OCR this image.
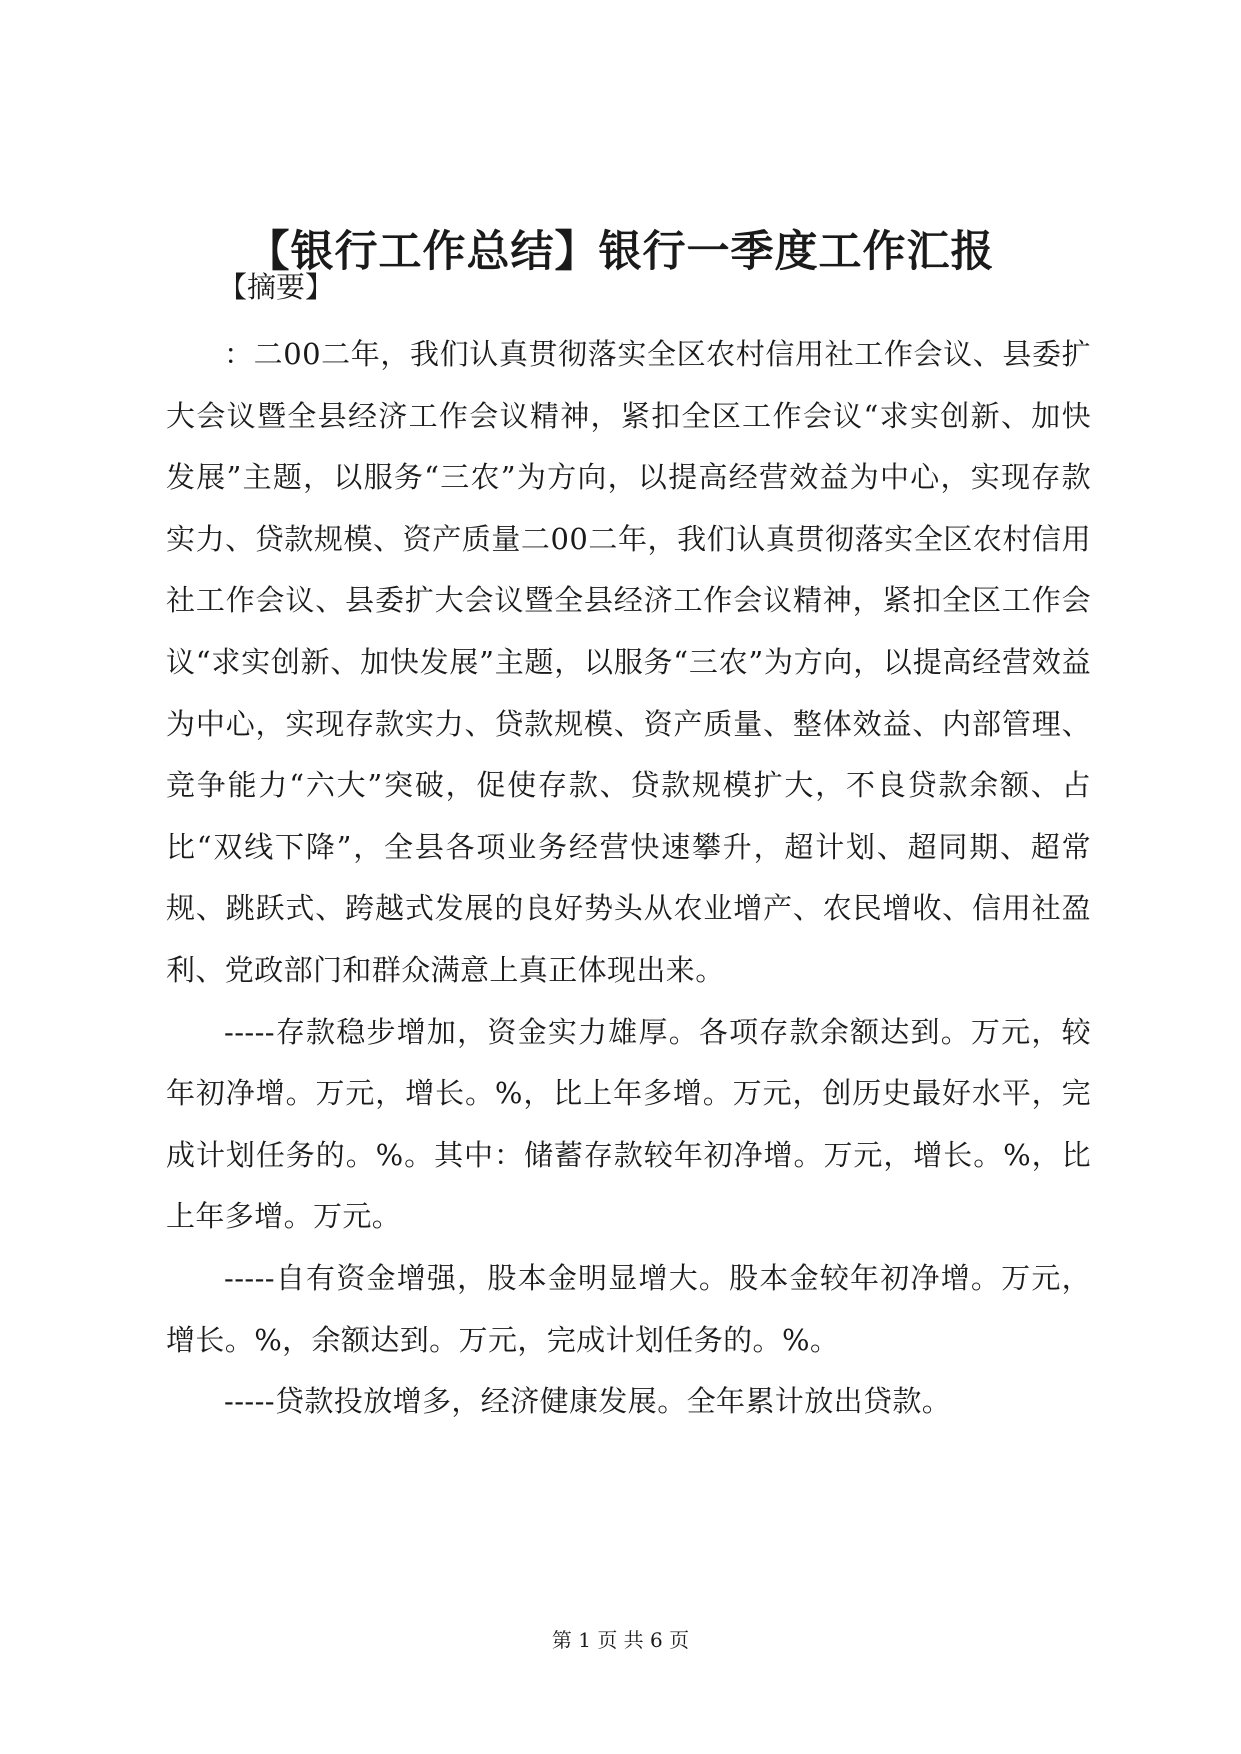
【银行工作总结】银行一季度工作汇报

【摘要】

：二00二年，我们认真贯彻落实全区农村信用社工作会议、县委扩大会议暨全县经济工作会议精神，紧扣全区工作会议“求实创新、加快发展”主题，以服务“三农”为方向，以提高经营效益为中心，实现存款实力、贷款规模、资产质量二00二年，我们认真贯彻落实全区农村信用社工作会议、县委扩大会议暨全县经济工作会议精神，紧扣全区工作会议“求实创新、加快发展”主题，以服务“三农”为方向，以提高经营效益为中心，实现存款实力、贷款规模、资产质量、整体效益、内部管理、竞争能力“六大”突破，促使存款、贷款规模扩大，不良贷款余额、占比“双线下降”，全县各项业务经营快速攀升，超计划、超同期、超常规、跳跃式、跨越式发展的良好势头从农业增产、农民增收、信用社盈利、党政部门和群众满意上真正体现出来。

-----存款稳步增加，资金实力雄厚。各项存款余额达到。万元，较年初净增。万元，增长。%，比上年多增。万元，创历史最好水平，完成计划任务的。%。其中：储蓄存款较年初净增。万元，增长。%，比上年多增。万元。

-----自有资金增强，股本金明显增大。股本金较年初净增。万元，增长。%，余额达到。万元，完成计划任务的。%。

-----贷款投放增多，经济健康发展。全年累计放出贷款。

第 1 页 共 6 页
